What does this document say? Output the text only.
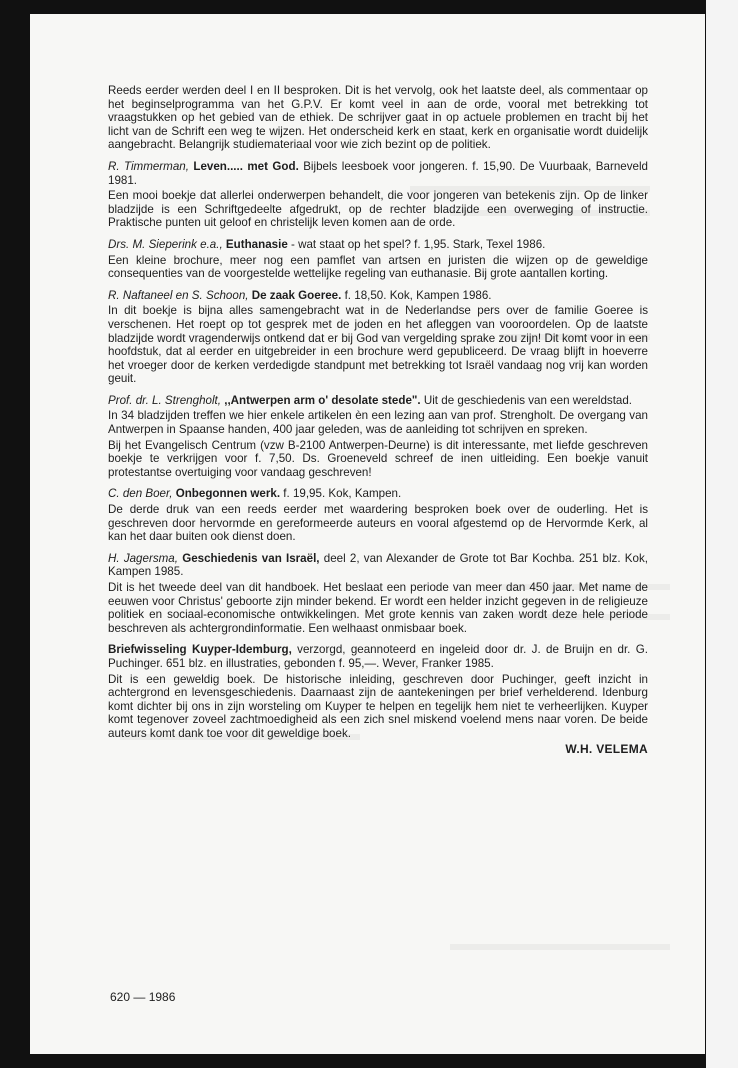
Reeds eerder werden deel I en II besproken. Dit is het vervolg, ook het laatste deel, als commentaar op het beginselprogramma van het G.P.V. Er komt veel in aan de orde, vooral met betrekking tot vraagstukken op het gebied van de ethiek. De schrijver gaat in op actuele problemen en tracht bij het licht van de Schrift een weg te wijzen. Het onderscheid kerk en staat, kerk en organisatie wordt duidelijk aangebracht. Belangrijk studiemateriaal voor wie zich bezint op de politiek.

R. Timmerman, Leven..... met God. Bijbels leesboek voor jongeren. f. 15,90. De Vuurbaak, Barneveld 1981.

Een mooi boekje dat allerlei onderwerpen behandelt, die voor jongeren van betekenis zijn. Op de linker bladzijde is een Schriftgedeelte afgedrukt, op de rechter bladzijde een overweging of instructie. Praktische punten uit geloof en christelijk leven komen aan de orde.

Drs. M. Sieperink e.a., Euthanasie - wat staat op het spel? f. 1,95. Stark, Texel 1986.

Een kleine brochure, meer nog een pamflet van artsen en juristen die wijzen op de geweldige consequenties van de voorgestelde wettelijke regeling van euthanasie. Bij grote aantallen korting.

R. Naftaneel en S. Schoon, De zaak Goeree. f. 18,50. Kok, Kampen 1986.

In dit boekje is bijna alles samengebracht wat in de Nederlandse pers over de familie Goeree is verschenen. Het roept op tot gesprek met de joden en het afleggen van vooroordelen. Op de laatste bladzijde wordt vragenderwijs ontkend dat er bij God van vergelding sprake zou zijn! Dit komt voor in een hoofdstuk, dat al eerder en uitgebreider in een brochure werd gepubliceerd. De vraag blijft in hoeverre het vroeger door de kerken verdedigde standpunt met betrekking tot Israël vandaag nog vrij kan worden geuit.

Prof. dr. L. Strengholt, ,,Antwerpen arm o' desolate stede". Uit de geschiedenis van een wereldstad.

In 34 bladzijden treffen we hier enkele artikelen èn een lezing aan van prof. Strengholt. De overgang van Antwerpen in Spaanse handen, 400 jaar geleden, was de aanleiding tot schrijven en spreken.

Bij het Evangelisch Centrum (vzw B-2100 Antwerpen-Deurne) is dit interessante, met liefde geschreven boekje te verkrijgen voor f. 7,50. Ds. Groeneveld schreef de inen uitleiding. Een boekje vanuit protestantse overtuiging voor vandaag geschreven!

C. den Boer, Onbegonnen werk. f. 19,95. Kok, Kampen.

De derde druk van een reeds eerder met waardering besproken boek over de ouderling. Het is geschreven door hervormde en gereformeerde auteurs en vooral afgestemd op de Hervormde Kerk, al kan het daar buiten ook dienst doen.

H. Jagersma, Geschiedenis van Israël, deel 2, van Alexander de Grote tot Bar Kochba. 251 blz. Kok, Kampen 1985.

Dit is het tweede deel van dit handboek. Het beslaat een periode van meer dan 450 jaar. Met name de eeuwen voor Christus' geboorte zijn minder bekend. Er wordt een helder inzicht gegeven in de religieuze politiek en sociaal-economische ontwikkelingen. Met grote kennis van zaken wordt deze hele periode beschreven als achtergrondinformatie. Een welhaast onmisbaar boek.

Briefwisseling Kuyper-Idemburg, verzorgd, geannoteerd en ingeleid door dr. J. de Bruijn en dr. G. Puchinger. 651 blz. en illustraties, gebonden f. 95,—. Wever, Franker 1985.

Dit is een geweldig boek. De historische inleiding, geschreven door Puchinger, geeft inzicht in achtergrond en levensgeschiedenis. Daarnaast zijn de aantekeningen per brief verhelderend. Idenburg komt dichter bij ons in zijn worsteling om Kuyper te helpen en tegelijk hem niet te verheerlijken. Kuyper komt tegenover zoveel zachtmoedigheid als een zich snel miskend voelend mens naar voren. De beide auteurs komt dank toe voor dit geweldige boek.

W.H. VELEMA
620 — 1986
